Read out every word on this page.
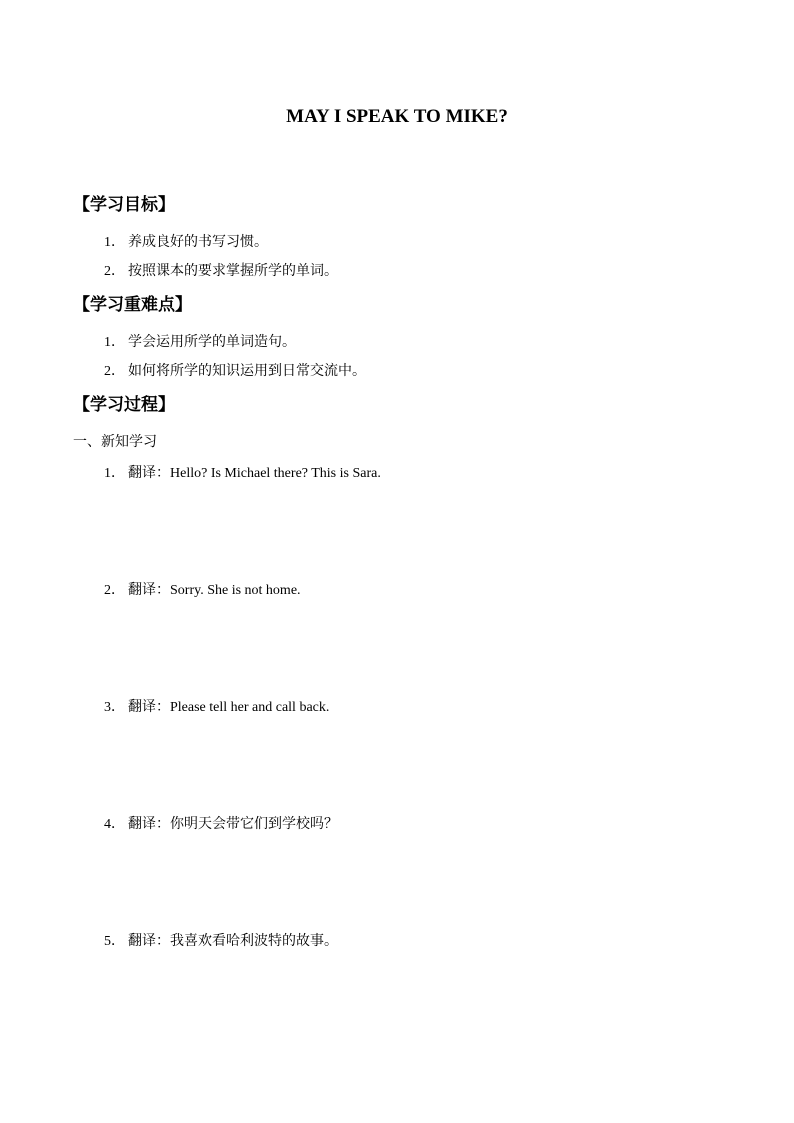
MAY I SPEAK TO MIKE?
【学习目标】
1． 养成良好的书写习惯。
2． 按照课本的要求掌握所学的单词。
【学习重难点】
1． 学会运用所学的单词造句。
2． 如何将所学的知识运用到日常交流中。
【学习过程】
一、新知学习
1． 翻译：Hello? Is Michael there? This is Sara.
2． 翻译：Sorry. She is not home.
3． 翻译：Please tell her and call back.
4． 翻译：你明天会带它们到学校吗？
5． 翻译：我喜欢看哈利波特的故事。
